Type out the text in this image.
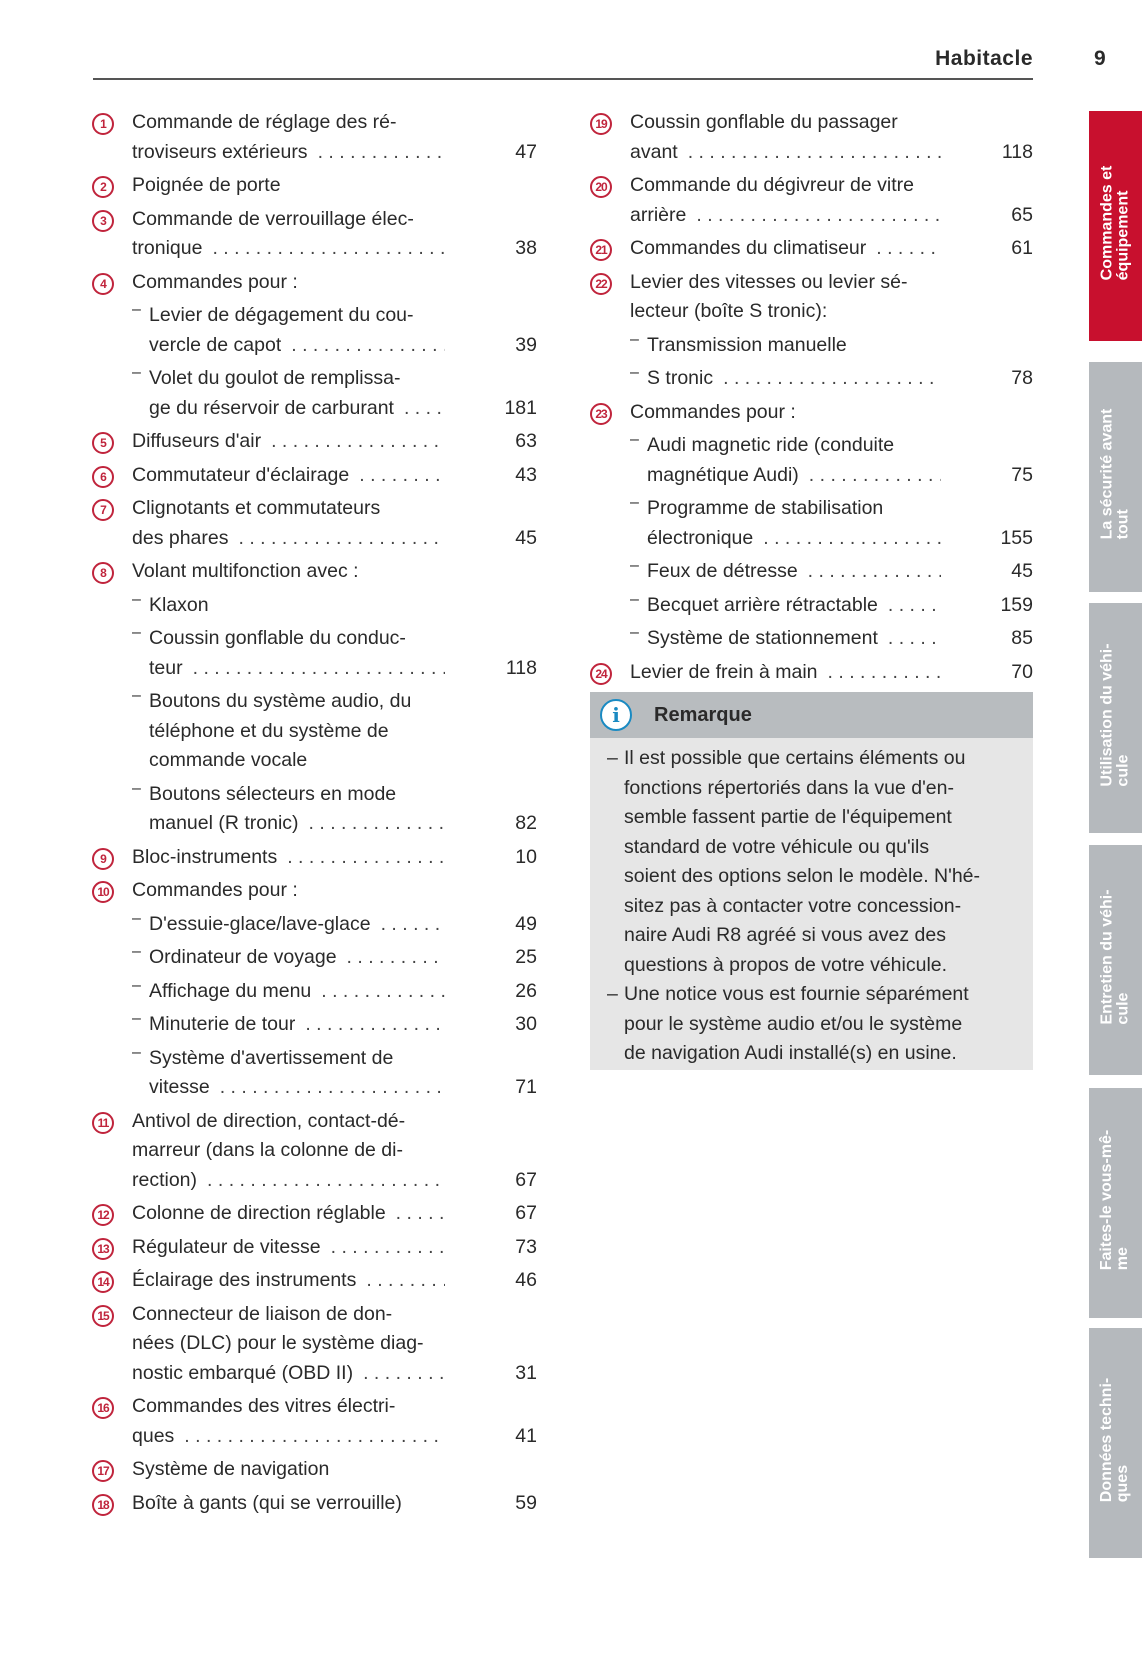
Habitacle	9
1	Commande de réglage des ré-
troviseurs extérieurs . . .	47
2	Poignée de porte
3	Commande de verrouillage élec-
tronique . . .	38
4	Commandes pour :
– Levier de dégagement du cou-
vercle de capot . . .	39
– Volet du goulot de remplissa-
ge du réservoir de carburant . . .	181
5	Diffuseurs d'air . . .	63
6	Commutateur d'éclairage . . .	43
7	Clignotants et commutateurs
des phares . . .	45
8	Volant multifonction avec :
– Klaxon
– Coussin gonflable du conduc-
teur . . .	118
– Boutons du système audio, du
téléphone et du système de
commande vocale
– Boutons sélecteurs en mode
manuel (R tronic) . . .	82
9	Bloc-instruments . . .	10
10 Commandes pour :
– D'essuie-glace/lave-glace . . .	49
– Ordinateur de voyage . . .	25
– Affichage du menu . . .	26
– Minuterie de tour . . .	30
– Système d'avertissement de
vitesse . . .	71
11 Antivol de direction, contact-dé-
marreur (dans la colonne de di-
rection) . . .	67
12 Colonne de direction réglable . . .	67
13 Régulateur de vitesse . . .	73
14 Éclairage des instruments . . .	46
15 Connecteur de liaison de don-
nées (DLC) pour le système diag-
nostic embarqué (OBD II) . . .	31
16 Commandes des vitres électri-
ques . . .	41
17 Système de navigation
18 Boîte à gants (qui se verrouille)	59
19 Coussin gonflable du passager
avant . . .	118
20 Commande du dégivreur de vitre
arrière . . .	65
21 Commandes du climatiseur . . .	61
22 Levier des vitesses ou levier sé-
lecteur (boîte S tronic):
– Transmission manuelle
– S tronic . . .	78
23 Commandes pour :
– Audi magnetic ride (conduite
magnétique Audi) . . .	75
– Programme de stabilisation
électronique . . .	155
– Feux de détresse . . .	45
– Becquet arrière rétractable . . .	159
– Système de stationnement . . .	85
24 Levier de frein à main . . .	70
i	Remarque
– Il est possible que certains éléments ou
fonctions répertoriés dans la vue d'en-
semble fassent partie de l'équipement
standard de votre véhicule ou qu'ils
soient des options selon le modèle. N'hé-
sitez pas à contacter votre concession-
naire Audi R8 agréé si vous avez des
questions à propos de votre véhicule.
– Une notice vous est fournie séparément
pour le système audio et/ou le système
de navigation Audi installé(s) en usine.
Commandes et équipement
La sécurité avant tout
Utilisation du véhi- cule
Entretien du véhi- cule
Faites-le vous-mê- me
Données techni- ques
